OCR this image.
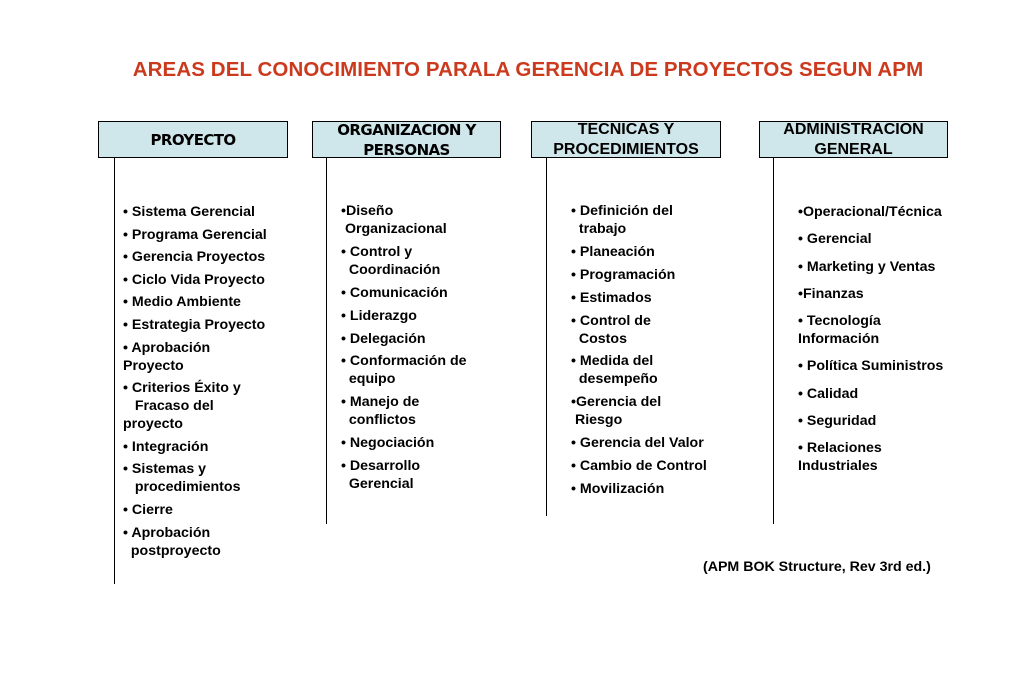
AREAS DEL CONOCIMIENTO PARALA GERENCIA DE PROYECTOS SEGUN APM
PROYECTO
ORGANIZACION Y PERSONAS
TECNICAS Y PROCEDIMIENTOS
ADMINISTRACION GENERAL
• Sistema Gerencial
• Programa Gerencial
• Gerencia Proyectos
• Ciclo Vida Proyecto
• Medio Ambiente
• Estrategia Proyecto
• Aprobación
Proyecto
• Criterios Éxito y
Fracaso del
proyecto
• Integración
• Sistemas y
procedimientos
• Cierre
• Aprobación
postproyecto
•Diseño
Organizacional
• Control y
Coordinación
• Comunicación
• Liderazgo
• Delegación
• Conformación de
equipo
• Manejo de
conflictos
• Negociación
• Desarrollo
Gerencial
• Definición del
trabajo
• Planeación
• Programación
• Estimados
• Control de
Costos
• Medida del
desempeño
•Gerencia del
Riesgo
• Gerencia del Valor
• Cambio de Control
• Movilización
•Operacional/Técnica
• Gerencial
• Marketing y Ventas
•Finanzas
• Tecnología
Información
• Política Suministros
• Calidad
• Seguridad
• Relaciones
Industriales
(APM BOK Structure, Rev 3rd ed.)
